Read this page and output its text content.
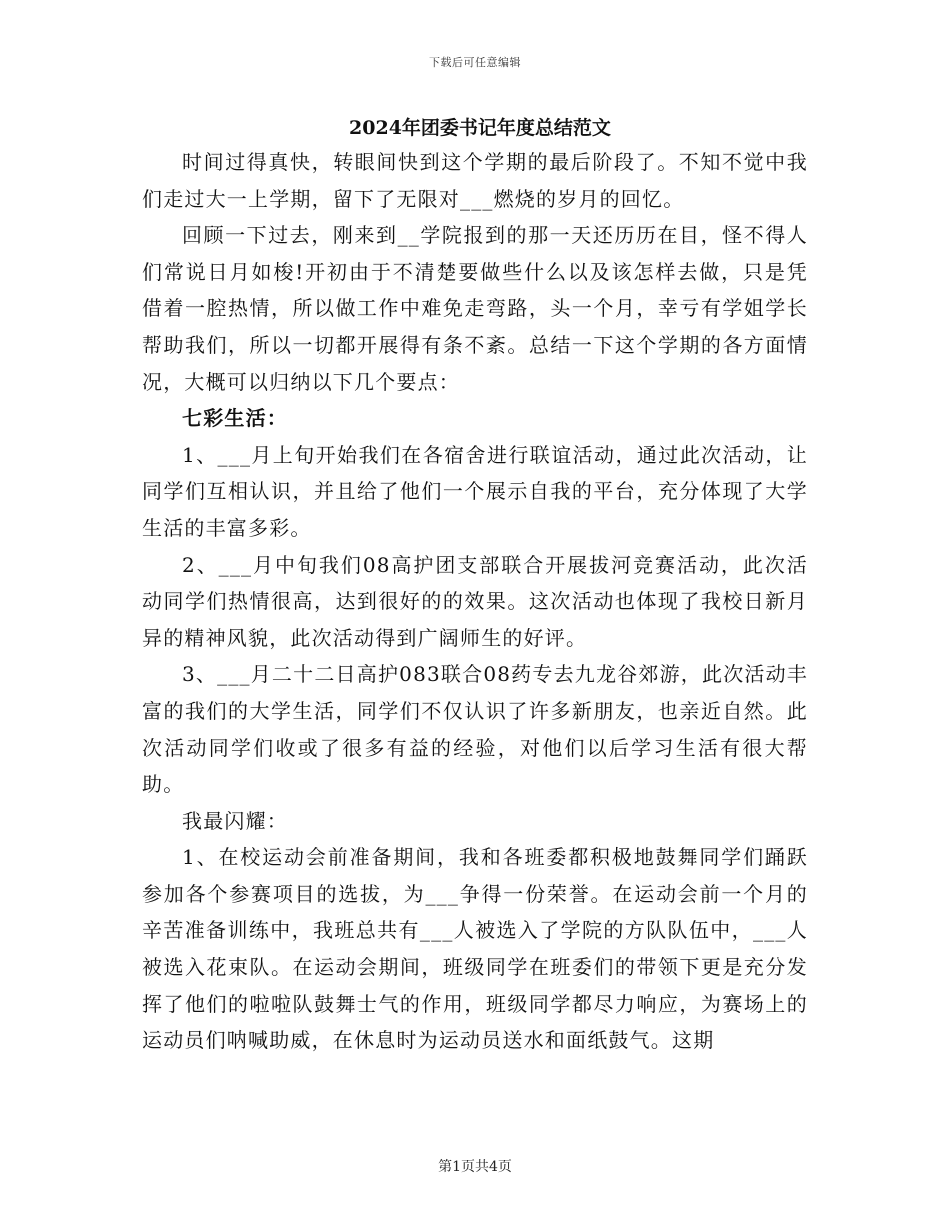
下载后可任意编辑
2024年团委书记年度总结范文

时间过得真快，转眼间快到这个学期的最后阶段了。不知不觉中我们走过大一上学期，留下了无限对___燃烧的岁月的回忆。

回顾一下过去，刚来到__学院报到的那一天还历历在目，怪不得人们常说日月如梭!开初由于不清楚要做些什么以及该怎样去做，只是凭借着一腔热情，所以做工作中难免走弯路，头一个月，幸亏有学姐学长帮助我们，所以一切都开展得有条不紊。总结一下这个学期的各方面情况，大概可以归纳以下几个要点：

七彩生活：

1、___月上旬开始我们在各宿舍进行联谊活动，通过此次活动，让同学们互相认识，并且给了他们一个展示自我的平台，充分体现了大学生活的丰富多彩。

2、___月中旬我们08高护团支部联合开展拔河竞赛活动，此次活动同学们热情很高，达到很好的的效果。这次活动也体现了我校日新月异的精神风貌，此次活动得到广阔师生的好评。

3、___月二十二日高护083联合08药专去九龙谷郊游，此次活动丰富的我们的大学生活，同学们不仅认识了许多新朋友，也亲近自然。此次活动同学们收或了很多有益的经验，对他们以后学习生活有很大帮助。

我最闪耀：

1、在校运动会前准备期间，我和各班委都积极地鼓舞同学们踊跃参加各个参赛项目的选拔，为___争得一份荣誉。在运动会前一个月的辛苦准备训练中，我班总共有___人被选入了学院的方队队伍中，___人被选入花束队。在运动会期间，班级同学在班委们的带领下更是充分发挥了他们的啦啦队鼓舞士气的作用，班级同学都尽力响应，为赛场上的运动员们呐喊助威，在休息时为运动员送水和面纸鼓气。这期

第1页共4页
